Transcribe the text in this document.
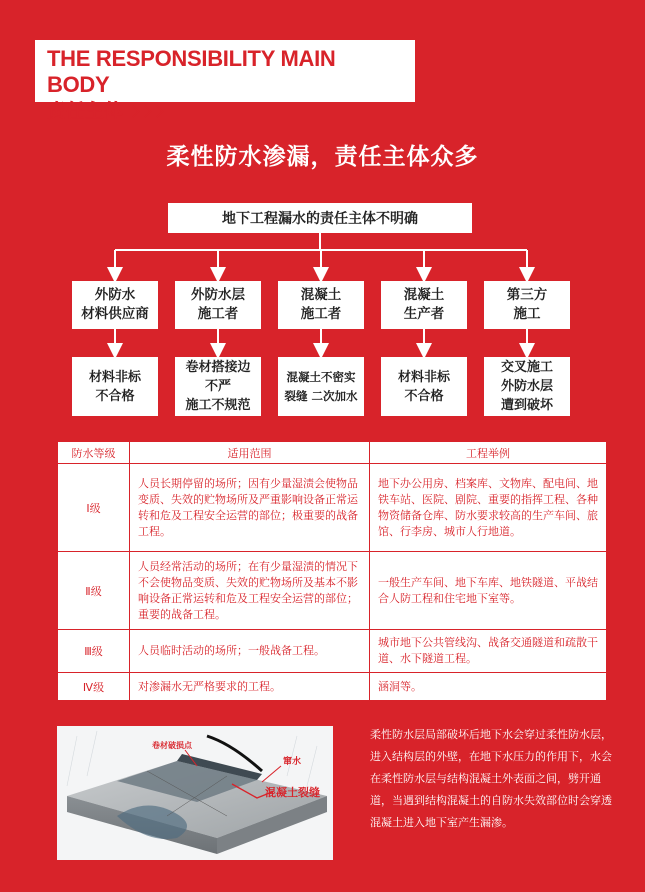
THE RESPONSIBILITY MAIN BODY
责任主体
柔性防水渗漏，责任主体众多
地下工程漏水的责任主体不明确
外防水
材料供应商
外防水层
施工者
混凝土
施工者
混凝土
生产者
第三方
施工
材料非标
不合格
卷材搭接边
不严
施工不规范
混凝土不密实
裂缝 二次加水
材料非标
不合格
交叉施工
外防水层
遭到破坏
防水等级	适用范围	工程举例
Ⅰ级	人员长期停留的场所；因有少量湿渍会使物品变质、失效的贮物场所及严重影响设备正常运转和危及工程安全运营的部位；极重要的战备工程。	地下办公用房、档案库、文物库、配电间、地铁车站、医院、剧院、重要的指挥工程、各种物资储备仓库、防水要求较高的生产车间、旅馆、行李房、城市人行地道。
Ⅱ级	人员经常活动的场所；在有少量湿渍的情况下不会使物品变质、失效的贮物场所及基本不影响设备正常运转和危及工程安全运营的部位；重要的战备工程。	一般生产车间、地下车库、地铁隧道、平战结合人防工程和住宅地下室等。
Ⅲ级	人员临时活动的场所；一般战备工程。	城市地下公共管线沟、战备交通隧道和疏散干道、水下隧道工程。
Ⅳ级	对渗漏水无严格要求的工程。	涵洞等。
卷材破损点
窜水
混凝土裂缝
柔性防水层局部破坏后地下水会穿过柔性防水层，进入结构层的外壁，在地下水压力的作用下，水会在柔性防水层与结构混凝土外表面之间，劈开通道，当遇到结构混凝土的自防水失效部位时会穿透混凝土进入地下室产生漏渗。
